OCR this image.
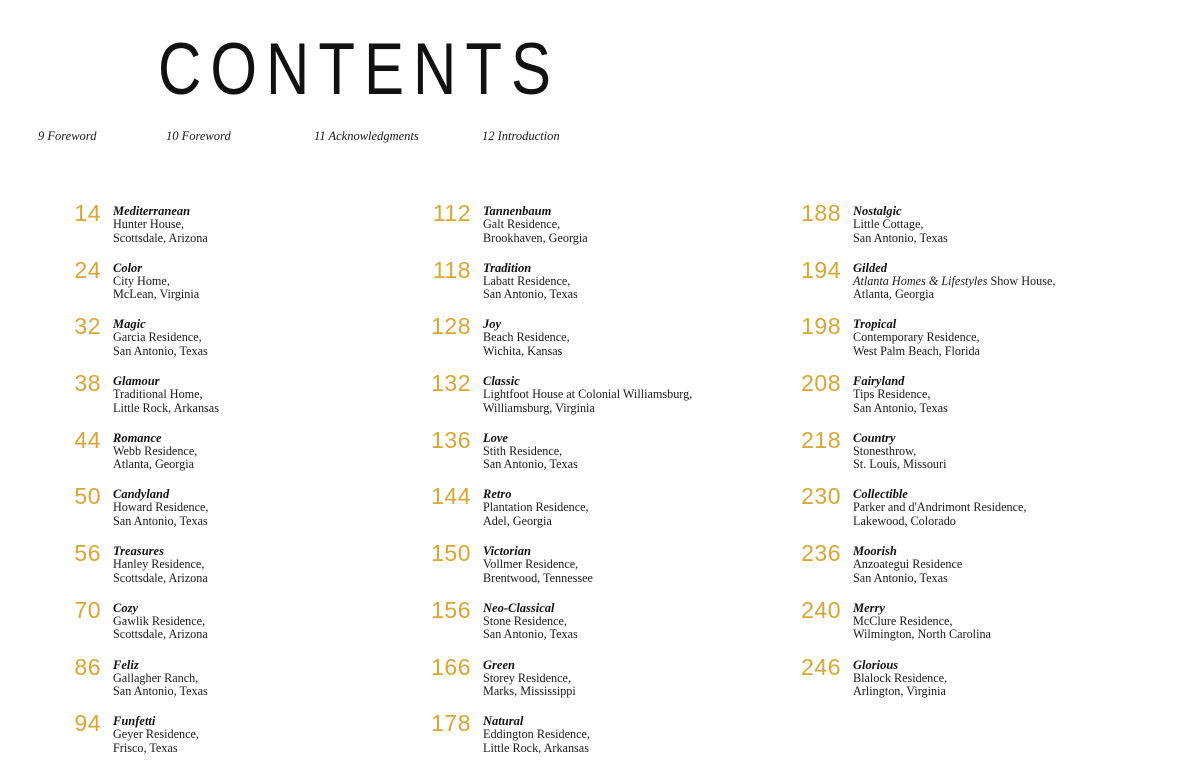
CONTENTS
9 Foreword	10 Foreword	11 Acknowledgments	12 Introduction
14 Mediterranean
Hunter House,
Scottsdale, Arizona
24 Color
City Home,
McLean, Virginia
32 Magic
Garcia Residence,
San Antonio, Texas
38 Glamour
Traditional Home,
Little Rock, Arkansas
44 Romance
Webb Residence,
Atlanta, Georgia
50 Candyland
Howard Residence,
San Antonio, Texas
56 Treasures
Hanley Residence,
Scottsdale, Arizona
70 Cozy
Gawlik Residence,
Scottsdale, Arizona
86 Feliz
Gallagher Ranch,
San Antonio, Texas
94 Funfetti
Geyer Residence,
Frisco, Texas
112 Tannenbaum
Galt Residence,
Brookhaven, Georgia
118 Tradition
Labatt Residence,
San Antonio, Texas
128 Joy
Beach Residence,
Wichita, Kansas
132 Classic
Lightfoot House at Colonial Williamsburg,
Williamsburg, Virginia
136 Love
Stith Residence,
San Antonio, Texas
144 Retro
Plantation Residence,
Adel, Georgia
150 Victorian
Vollmer Residence,
Brentwood, Tennessee
156 Neo-Classical
Stone Residence,
San Antonio, Texas
166 Green
Storey Residence,
Marks, Mississippi
178 Natural
Eddington Residence,
Little Rock, Arkansas
188 Nostalgic
Little Cottage,
San Antonio, Texas
194 Gilded
Atlanta Homes & Lifestyles Show House,
Atlanta, Georgia
198 Tropical
Contemporary Residence,
West Palm Beach, Florida
208 Fairyland
Tips Residence,
San Antonio, Texas
218 Country
Stonesthrow,
St. Louis, Missouri
230 Collectible
Parker and d'Andrimont Residence,
Lakewood, Colorado
236 Moorish
Anzoategui Residence
San Antonio, Texas
240 Merry
McClure Residence,
Wilmington, North Carolina
246 Glorious
Blalock Residence,
Arlington, Virginia
